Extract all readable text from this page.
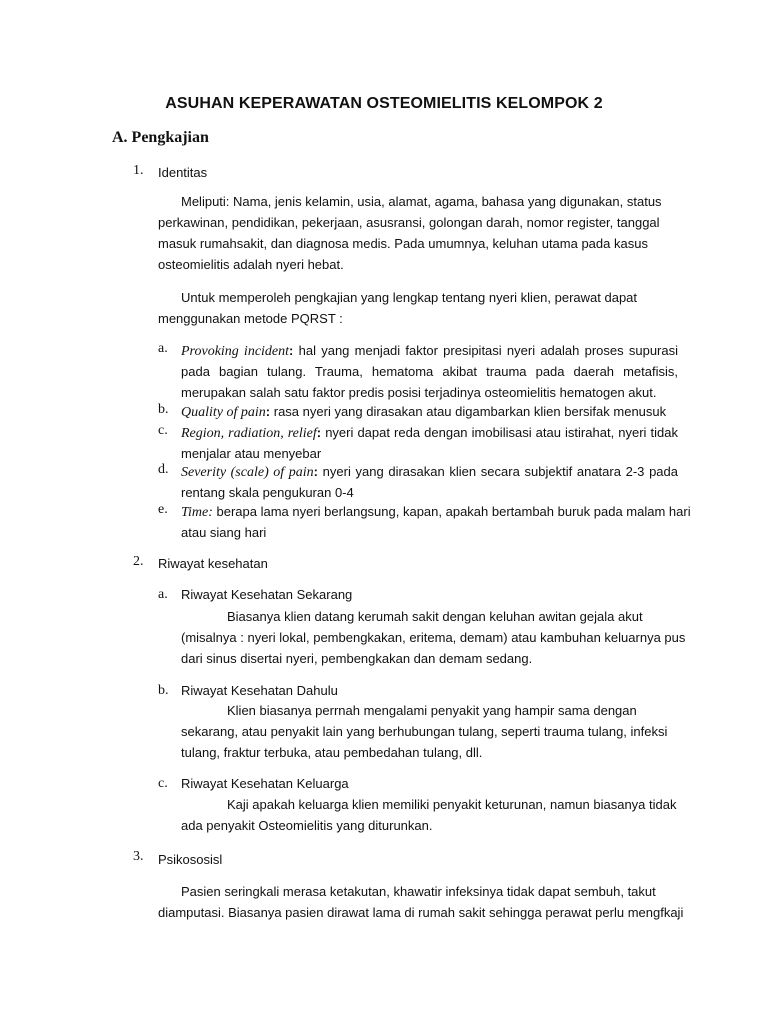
ASUHAN KEPERAWATAN OSTEOMIELITIS KELOMPOK 2
A. Pengkajian
1. Identitas
Meliputi: Nama, jenis kelamin, usia, alamat, agama, bahasa yang digunakan, status
perkawinan, pendidikan, pekerjaan, asusransi, golongan darah, nomor register, tanggal
masuk rumahsakit, dan diagnosa medis. Pada umumnya, keluhan utama pada kasus
osteomielitis adalah nyeri hebat.
Untuk memperoleh pengkajian yang lengkap tentang nyeri klien, perawat dapat
menggunakan metode PQRST :
a. Provoking incident: hal yang menjadi faktor presipitasi nyeri adalah proses supurasi
pada bagian tulang. Trauma, hematoma akibat trauma pada daerah metafisis,
merupakan salah satu faktor predis posisi terjadinya osteomielitis hematogen akut.
b. Quality of pain: rasa nyeri yang dirasakan atau digambarkan klien bersifak menusuk
c. Region, radiation, relief: nyeri dapat reda dengan imobilisasi atau istirahat, nyeri tidak
menjalar atau menyebar
d. Severity (scale) of pain: nyeri yang dirasakan klien secara subjektif anatara 2-3 pada
rentang skala pengukuran 0-4
e. Time: berapa lama nyeri berlangsung, kapan, apakah bertambah buruk pada malam hari
atau siang hari
2. Riwayat kesehatan
a. Riwayat Kesehatan Sekarang
Biasanya klien datang kerumah sakit dengan keluhan awitan gejala akut
(misalnya : nyeri lokal, pembengkakan, eritema, demam) atau kambuhan keluarnya pus
dari sinus disertai nyeri, pembengkakan dan demam sedang.
b. Riwayat Kesehatan Dahulu
Klien biasanya perrnah mengalami penyakit yang hampir sama dengan
sekarang, atau penyakit lain yang berhubungan tulang, seperti trauma tulang, infeksi
tulang, fraktur terbuka, atau pembedahan tulang, dll.
c. Riwayat Kesehatan Keluarga
Kaji apakah keluarga klien memiliki penyakit keturunan, namun biasanya tidak
ada penyakit Osteomielitis yang diturunkan.
3. Psikososisl
Pasien seringkali merasa ketakutan, khawatir infeksinya tidak dapat sembuh, takut
diamputasi. Biasanya pasien dirawat lama di rumah sakit sehingga perawat perlu mengfkaji
